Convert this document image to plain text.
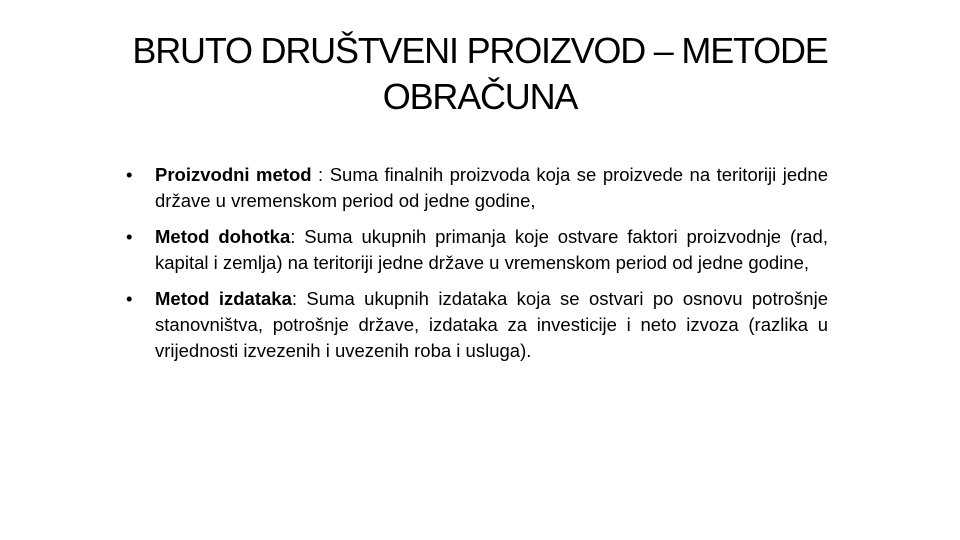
BRUTO DRUŠTVENI PROIZVOD – METODE
OBRAČUNA
• Proizvodni metod : Suma finalnih proizvoda koja se proizvede na teritoriji jedne države u vremenskom period od jedne godine,
• Metod dohotka: Suma ukupnih primanja koje ostvare faktori proizvodnje (rad, kapital i zemlja) na teritoriji jedne države u vremenskom period od jedne godine,
• Metod izdataka: Suma ukupnih izdataka koja se ostvari po osnovu potrošnje stanovništva, potrošnje države, izdataka za investicije i neto izvoza (razlika u vrijednosti izvezenih i uvezenih roba i usluga).
